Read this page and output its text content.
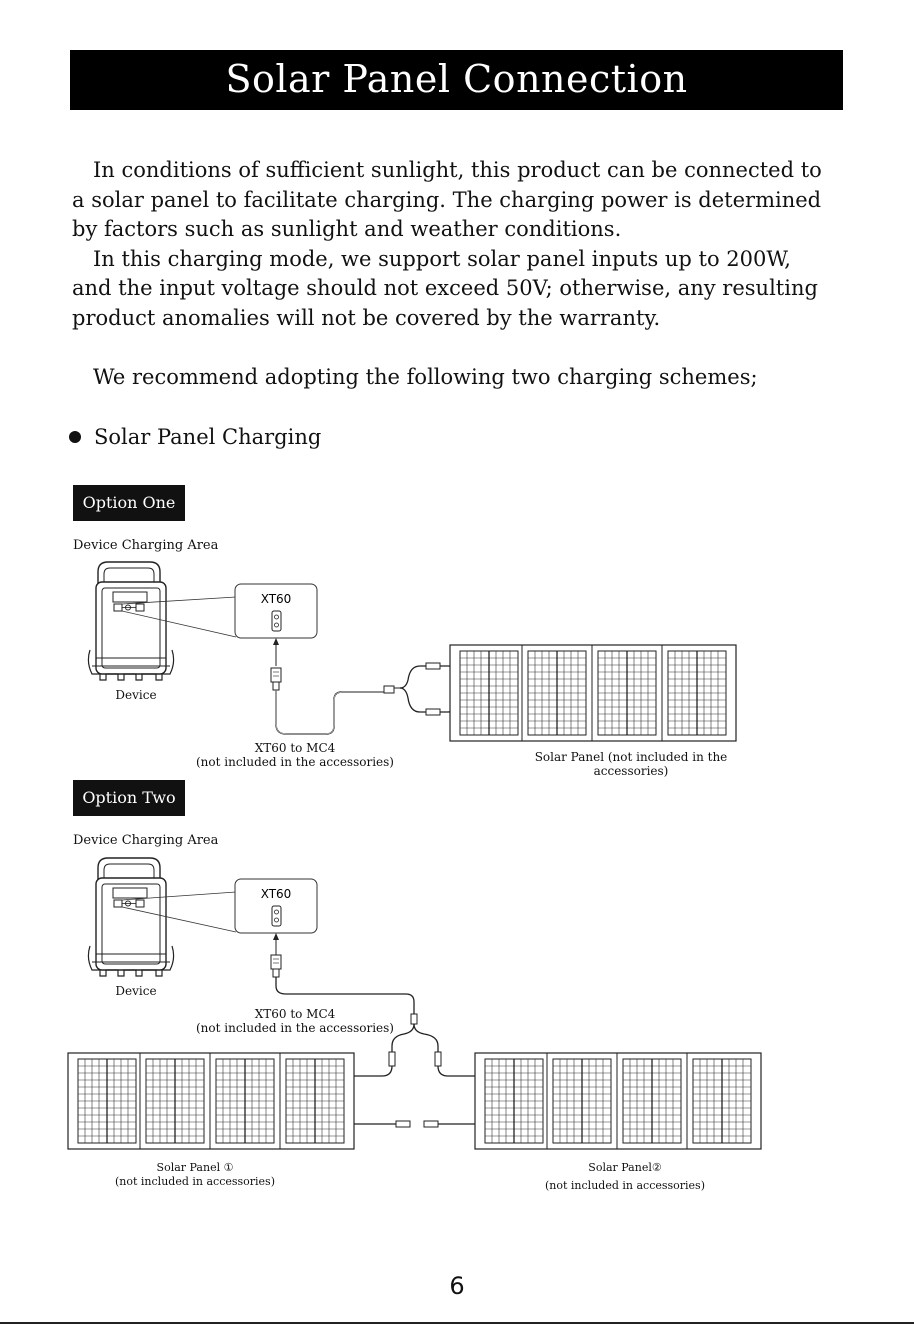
Solar Panel Connection

In conditions of sufficient sunlight, this product can be connected to a solar panel to facilitate charging. The charging power is determined by factors such as sunlight and weather conditions.

In this charging mode, we support solar panel inputs up to 200W, and the input voltage should not exceed 50V; otherwise, any resulting product anomalies will not be covered by the warranty.

We recommend adopting the following two charging schemes;

Solar Panel Charging
Option One
Device Charging Area
Device
XT60 to MC4
(not included in the accessories)	Solar Panel (not included in the accessories)
Option Two
Device Charging Area
Device
XT60 to MC4
(not included in the accessories)
Solar Panel ①
(not included in accessories)
Solar Panel②
(not included in accessories)
XT60
XT60
6
